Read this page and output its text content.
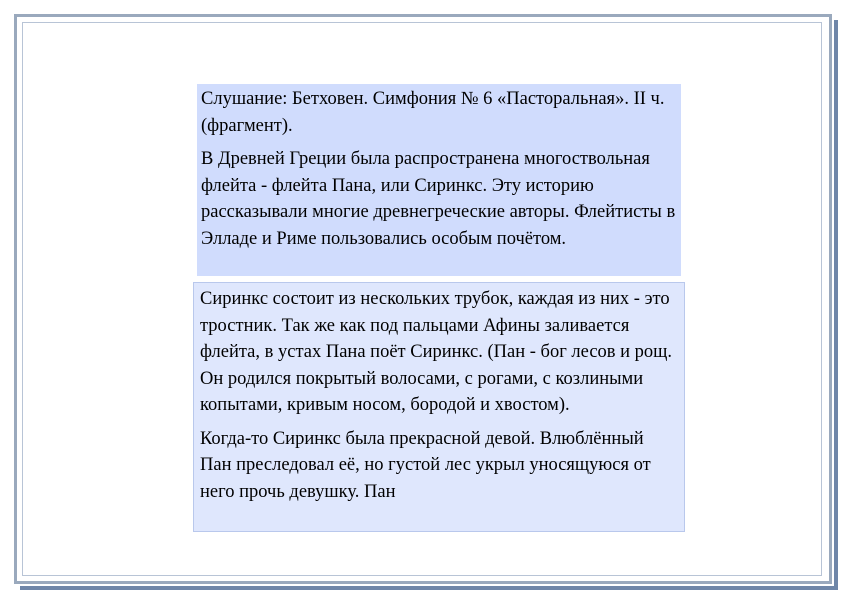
Слушание: Бетховен. Симфония № 6 «Пасторальная». II ч. (фрагмент).

В Древней Греции была распространена многоствольная флейта - флейта Пана, или Сиринкс. Эту историю рассказывали многие древнегреческие авторы. Флейтисты в Элладе и Риме пользовались особым почётом.

Сиринкс состоит из нескольких трубок, каждая из них - это тростник. Так же как под пальцами Афины заливается флейта, в устах Пана поёт Сиринкс. (Пан - бог лесов и рощ. Он родился покрытый волосами, с рогами, с козлиными копытами, кривым носом, бородой и хвостом).

Когда-то Сиринкс была прекрасной девой. Влюблённый Пан преследовал её, но густой лес укрыл уносящуюся от него прочь девушку. Пан
